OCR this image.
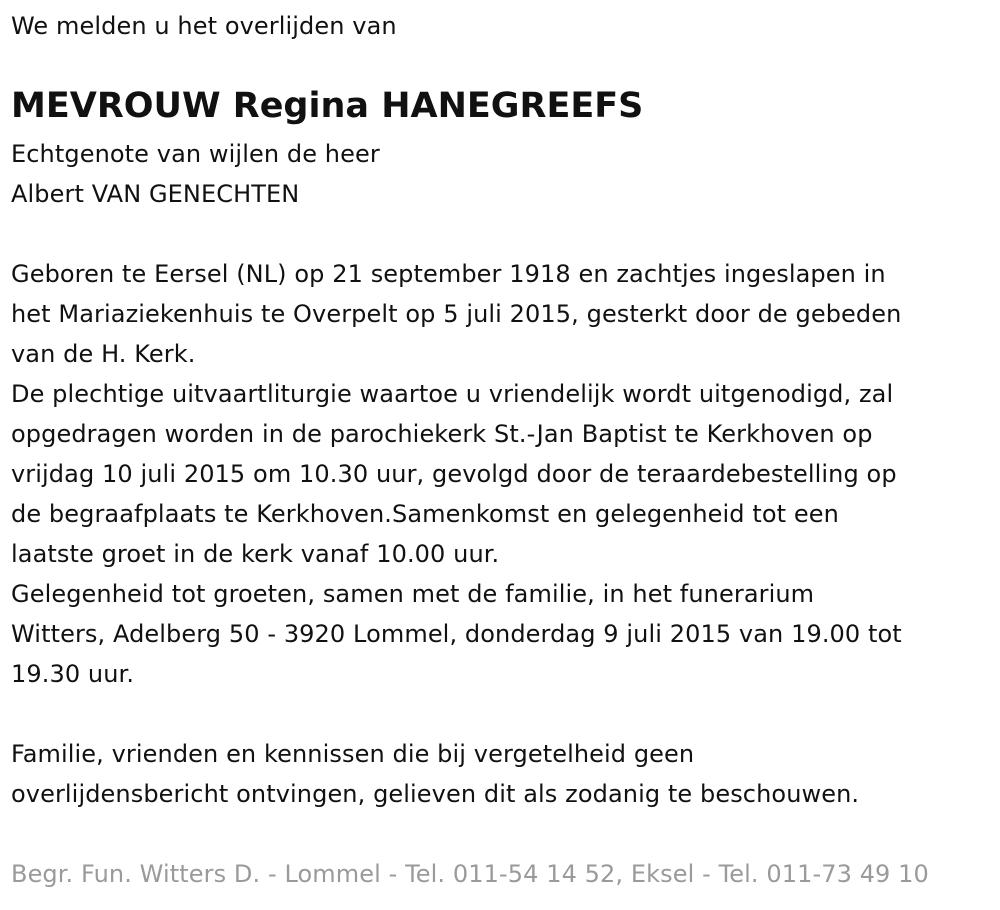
We melden u het overlijden van
MEVROUW Regina HANEGREEFS
Echtgenote van wijlen de heer
Albert VAN GENECHTEN
Geboren te Eersel (NL) op 21 september 1918 en zachtjes ingeslapen in
het Mariaziekenhuis te Overpelt op 5 juli 2015, gesterkt door de gebeden
van de H. Kerk.
De plechtige uitvaartliturgie waartoe u vriendelijk wordt uitgenodigd, zal
opgedragen worden in de parochiekerk St.-Jan Baptist te Kerkhoven op
vrijdag 10 juli 2015 om 10.30 uur, gevolgd door de teraardebestelling op
de begraafplaats te Kerkhoven.Samenkomst en gelegenheid tot een
laatste groet in de kerk vanaf 10.00 uur.
Gelegenheid tot groeten, samen met de familie, in het funerarium
Witters, Adelberg 50 - 3920 Lommel, donderdag 9 juli 2015 van 19.00 tot
19.30 uur.
Familie, vrienden en kennissen die bij vergetelheid geen
overlijdensbericht ontvingen, gelieven dit als zodanig te beschouwen.
Begr. Fun. Witters D. - Lommel - Tel. 011-54 14 52, Eksel - Tel. 011-73 49 10
